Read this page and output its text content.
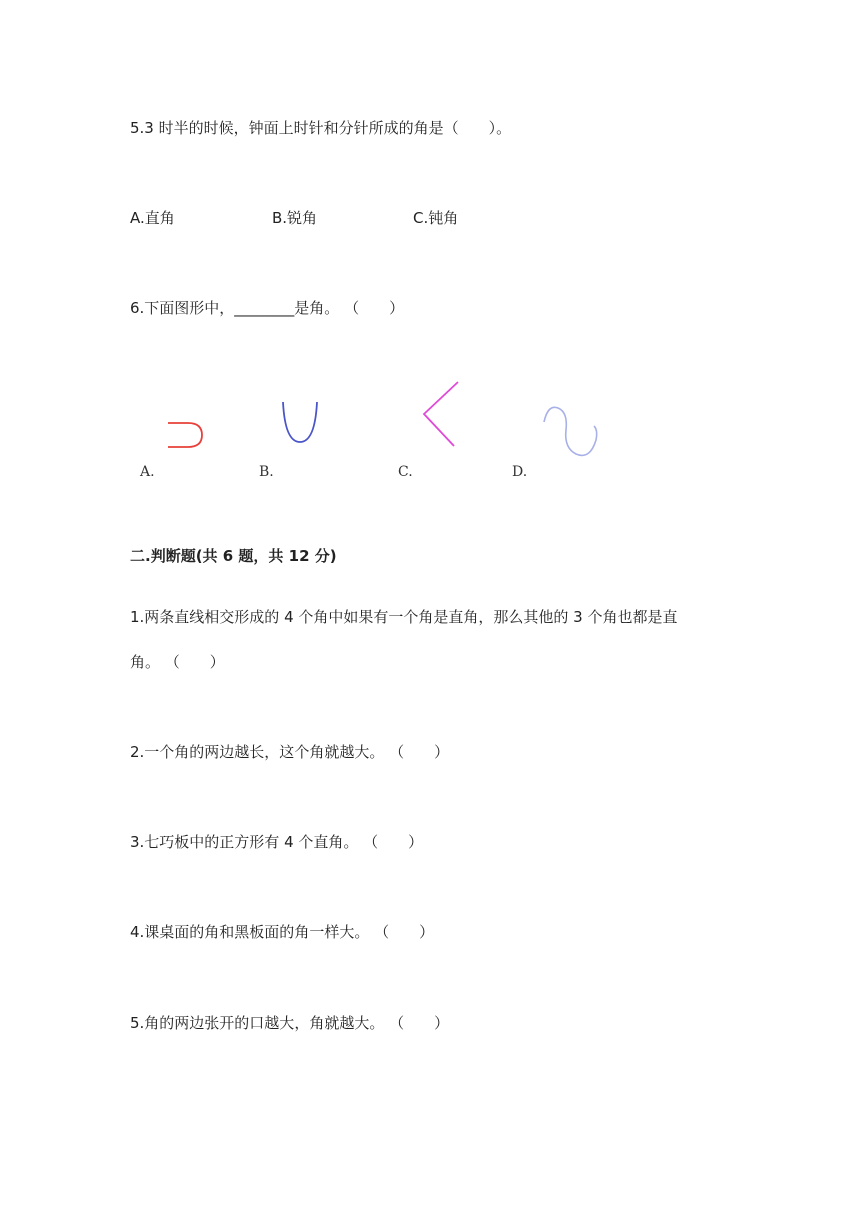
5.3 时半的时候，钟面上时针和分针所成的角是（　　）。
A.直角	B.锐角	C.钝角
6.下面图形中，________是角。 （　　）
A.	B.	C.	D.
二.判断题(共 6 题，共 12 分)
1.两条直线相交形成的 4 个角中如果有一个角是直角，那么其他的 3 个角也都是直
角。 （　　）
2.一个角的两边越长，这个角就越大。 （　　）
3.七巧板中的正方形有 4 个直角。 （　　）
4.课桌面的角和黑板面的角一样大。 （　　）
5.角的两边张开的口越大，角就越大。 （　　）
